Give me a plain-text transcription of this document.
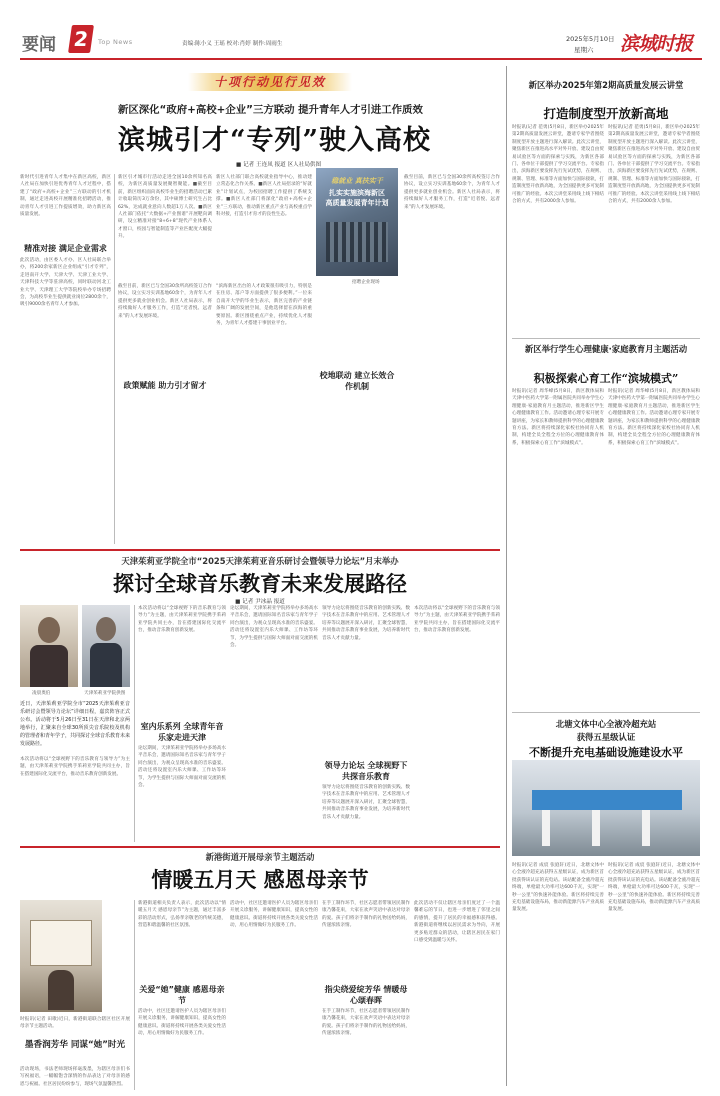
要闻 2	Top News	责编:陈小义 王瑶 校对:肖婷 制作:周雨生
2025年5月10日
星期六 滨城时报
十项行动见行见效
新区深化“政府+高校+企业”三方联动 提升青年人才引进工作质效
滨城引才“专列”驶入高校
■ 记者 王连凤 报道 区人社局供图
新时代引进青年人才集中在新区高校，新区人社局在加快引进优秀青年人才过程中，搭建了“政府+高校+企业”三方联动的引才机制，通过走进高校开展精准化招聘活动，推动青年人才引进工作提质增效，助力新区高质量发展。
精准对接 满足企业需求
此次活动，由区委人才办、区人社局联合举办，将200余家新区企业组成“引才专列”，走进南开大学、天津大学、天津工业大学、天津科技大学等驻津高校，同时联动河北工业大学、天津理工大学等院校举办专场招聘会，为高校毕业生提供就业岗位2800余个，吸引9000余名青年人才参加。
新区引才城市行活动走进全国10余所知名高校，为新区高质量发展聚智聚能。■截至目前，新区组织面向高校毕业生的招聘活动已累计收取简历3万余份，其中硕博士研究生占比62%，达成就业意向人数超1万人次。■新区人社部门依托“大数据+产业图谱”开展靶向调研，设立精准对接“8+6+8”现代产业体系人才窗口，校园与智能制造等产业匹配度大幅提升。
新区人社部门联合高校就业指导中心，推动建立常态化合作关系。■新区人社局招录的“好就业”计划试点，为校园招聘工作提供了系统支撑。■新区人社部门将深化“政府+高校+企业”三方联动，推动新区重点产业与高校重点学科对接，打造引才育才的良性生态。
稳就业 真扶实干
扎实实施滨海新区
高质量发展青年计划
招聘企业现场
截至目前，新区已与全国30余所高校签订合作协议，设立实习实训基地60余个，为青年人才提供更多就业创业机会。新区人社局表示，将持续做好人才服务工作，打造“近者悦、远者来”的人才发展环境。
政策赋能 助力引才留才
“滨海新区出台的人才政策很有吸引力，特别是在住房、落户等方面提供了很多便利。”一位来自南开大学的毕业生表示，新区完善的产业链条和广阔的发展空间，是他选择留在滨海的重要原因。新区围绕重点产业，持续优化人才服务，为青年人才搭建干事创业平台。
校地联动 建立长效合作机制
截至目前，新区已与全国30余所高校签订合作协议，设立实习实训基地60余个，为青年人才提供更多就业创业机会。新区人社局表示，将持续做好人才服务工作，打造“近者悦、远者来”的人才发展环境。
新区举办2025年第2期高质量发展云讲堂
打造制度型开放新高地
时报讯(记者 范勇)5月8日，新区举办2025年第2期高质量发展云讲堂，邀请专家学者围绕制度型开放主题进行深入解读。此次云讲堂，聚焦新区在推进高水平对外开放、建设自由贸易试验区等方面的探索与实践，为新区各部门、各单位干部提供了学习交流平台。专家指出，滨海新区要发挥先行先试优势，在规则、规制、管理、标准等方面加快与国际接轨，打造制度型开放新高地，为全国提供更多可复制可推广的经验。本次云讲堂采用线上线下相结合的方式，共有2000余人参加。
时报讯(记者 范勇)5月8日，新区举办2025年第2期高质量发展云讲堂，邀请专家学者围绕制度型开放主题进行深入解读。此次云讲堂，聚焦新区在推进高水平对外开放、建设自由贸易试验区等方面的探索与实践，为新区各部门、各单位干部提供了学习交流平台。专家指出，滨海新区要发挥先行先试优势，在规则、规制、管理、标准等方面加快与国际接轨，打造制度型开放新高地，为全国提供更多可复制可推广的经验。本次云讲堂采用线上线下相结合的方式，共有2000余人参加。
新区举行学生心理健康·家庭教育月主题活动
积极探索心育工作“滨城模式”
时报讯(记者 周华峰)5月8日，新区教体局和天津中医药大学第一附属医院共同举办学生心理健康·家庭教育月主题活动，推进新区学生心理健康教育工作。活动邀请心理专家开展专题讲座，为家长和教师提供科学的心理健康教育方法。新区将持续深化家校社协同育人机制，构建全员全程全方位的心理健康教育体系，积极探索心育工作“滨城模式”。
时报讯(记者 周华峰)5月8日，新区教体局和天津中医药大学第一附属医院共同举办学生心理健康·家庭教育月主题活动，推进新区学生心理健康教育工作。活动邀请心理专家开展专题讲座，为家长和教师提供科学的心理健康教育方法。新区将持续深化家校社协同育人机制，构建全员全程全方位的心理健康教育体系，积极探索心育工作“滨城模式”。
北塘文体中心全液冷超充站
获得五星级认证
不断提升充电基础设施建设水平
时报讯(记者 成宸 张庭轩)近日，北塘文体中心全液冷超充站获得五星级认证，成为新区首批获得该认证的充电站。该站配备全液冷超充终端，单枪最大功率可达600千瓦，实现“一秒一公里”的快速补能体验。新区将持续完善充电基础设施布局，推动新能源汽车产业高质量发展。
时报讯(记者 成宸 张庭轩)近日，北塘文体中心全液冷超充站获得五星级认证，成为新区首批获得该认证的充电站。该站配备全液冷超充终端，单枪最大功率可达600千瓦，实现“一秒一公里”的快速补能体验。新区将持续完善充电基础设施布局，推动新能源汽车产业高质量发展。
天津茱莉亚学院全市“2025天津茱莉亚音乐研讨会暨领导力论坛”月末举办
探讨全球音乐教育未来发展路径
■ 记者 尹冰晶 报道
凌晨奥伯	天津茱莉亚学院供图
近日，天津茱莉亚学院全市“2025天津茱莉亚音乐研讨会暨领导力论坛”详细日程，嘉宾阵容正式公布。活动将于5月26日至31日在天津和北京两地举行，汇聚来自全球30所顶尖音乐院校及机构的管理者和青年学子，共同探讨全球音乐教育未来发展路径。
本次活动将以“全球视野下的音乐教育与领导力”为主题，由天津茱莉亚学院携手茱莉亚学院共同主办，旨在搭建国际化交流平台，推动音乐教育创新发展。
本次活动将以“全球视野下的音乐教育与领导力”为主题，由天津茱莉亚学院携手茱莉亚学院共同主办，旨在搭建国际化交流平台，推动音乐教育创新发展。
室内乐系列 全球青年音乐家走进天津
论坛期间，天津茱莉亚学院将举办多场高水平音乐会，邀请国际知名音乐家与青年学子同台演出，为观众呈现高水准的音乐盛宴。活动还将设置室内乐大师课、工作坊等环节，为学生提供与国际大师面对面交流的机会。
论坛期间，天津茱莉亚学院将举办多场高水平音乐会，邀请国际知名音乐家与青年学子同台演出，为观众呈现高水准的音乐盛宴。活动还将设置室内乐大师课、工作坊等环节，为学生提供与国际大师面对面交流的机会。
领导力论坛将围绕音乐教育的创新实践、数字技术在音乐教育中的应用、艺术管理人才培养等议题展开深入研讨，汇聚全球智慧，共同推动音乐教育事业发展，为培养新时代音乐人才贡献力量。
领导力论坛 全球视野下共探音乐教育
领导力论坛将围绕音乐教育的创新实践、数字技术在音乐教育中的应用、艺术管理人才培养等议题展开深入研讨，汇聚全球智慧，共同推动音乐教育事业发展，为培养新时代音乐人才贡献力量。
本次活动将以“全球视野下的音乐教育与领导力”为主题，由天津茱莉亚学院携手茱莉亚学院共同主办，旨在搭建国际化交流平台，推动音乐教育创新发展。
新港街道开展母亲节主题活动
情暖五月天 感恩母亲节
时报讯(记者 田歌)近日，新港街道联合辖区社区开展母亲节主题活动。
墨香润芳华 同谋“她”时光
活动现场，书法老师现场挥毫泼墨，为辖区母亲们书写祝福语，一幅幅饱含深情的作品表达了对母亲的感恩与祝福。社区居民纷纷参与，现场气氛温馨热烈。
新港街道相关负责人表示，此次活动以“情暖五月天 感恩母亲节”为主题，通过丰富多彩的活动形式，弘扬孝亲敬老的传统美德，营造和谐温馨的社区氛围。
关爱“她”健康 感恩母亲节
活动中，社区还邀请医护人员为辖区母亲们开展义诊服务，讲解健康知识，提高女性的健康意识。街道将持续开展各类关爱女性活动，用心用情做好为民服务工作。
活动中，社区还邀请医护人员为辖区母亲们开展义诊服务，讲解健康知识，提高女性的健康意识。街道将持续开展各类关爱女性活动，用心用情做好为民服务工作。
在手工制作环节，社区志愿者带领居民制作康乃馨花束，大家在欢声笑语中表达对母亲的爱。孩子们将亲手制作的礼物送给妈妈，传递浓浓亲情。
指尖绕爱绽芳华 情暖母心颂春晖
在手工制作环节，社区志愿者带领居民制作康乃馨花束，大家在欢声笑语中表达对母亲的爱。孩子们将亲手制作的礼物送给妈妈，传递浓浓亲情。
此次活动不仅让辖区母亲们度过了一个温馨难忘的节日，也进一步增进了邻里之间的感情，提升了居民的幸福感和获得感。新港街道将继续以居民需求为导向，开展更多贴近群众的活动，让辖区居民在家门口感受到温暖与关怀。
